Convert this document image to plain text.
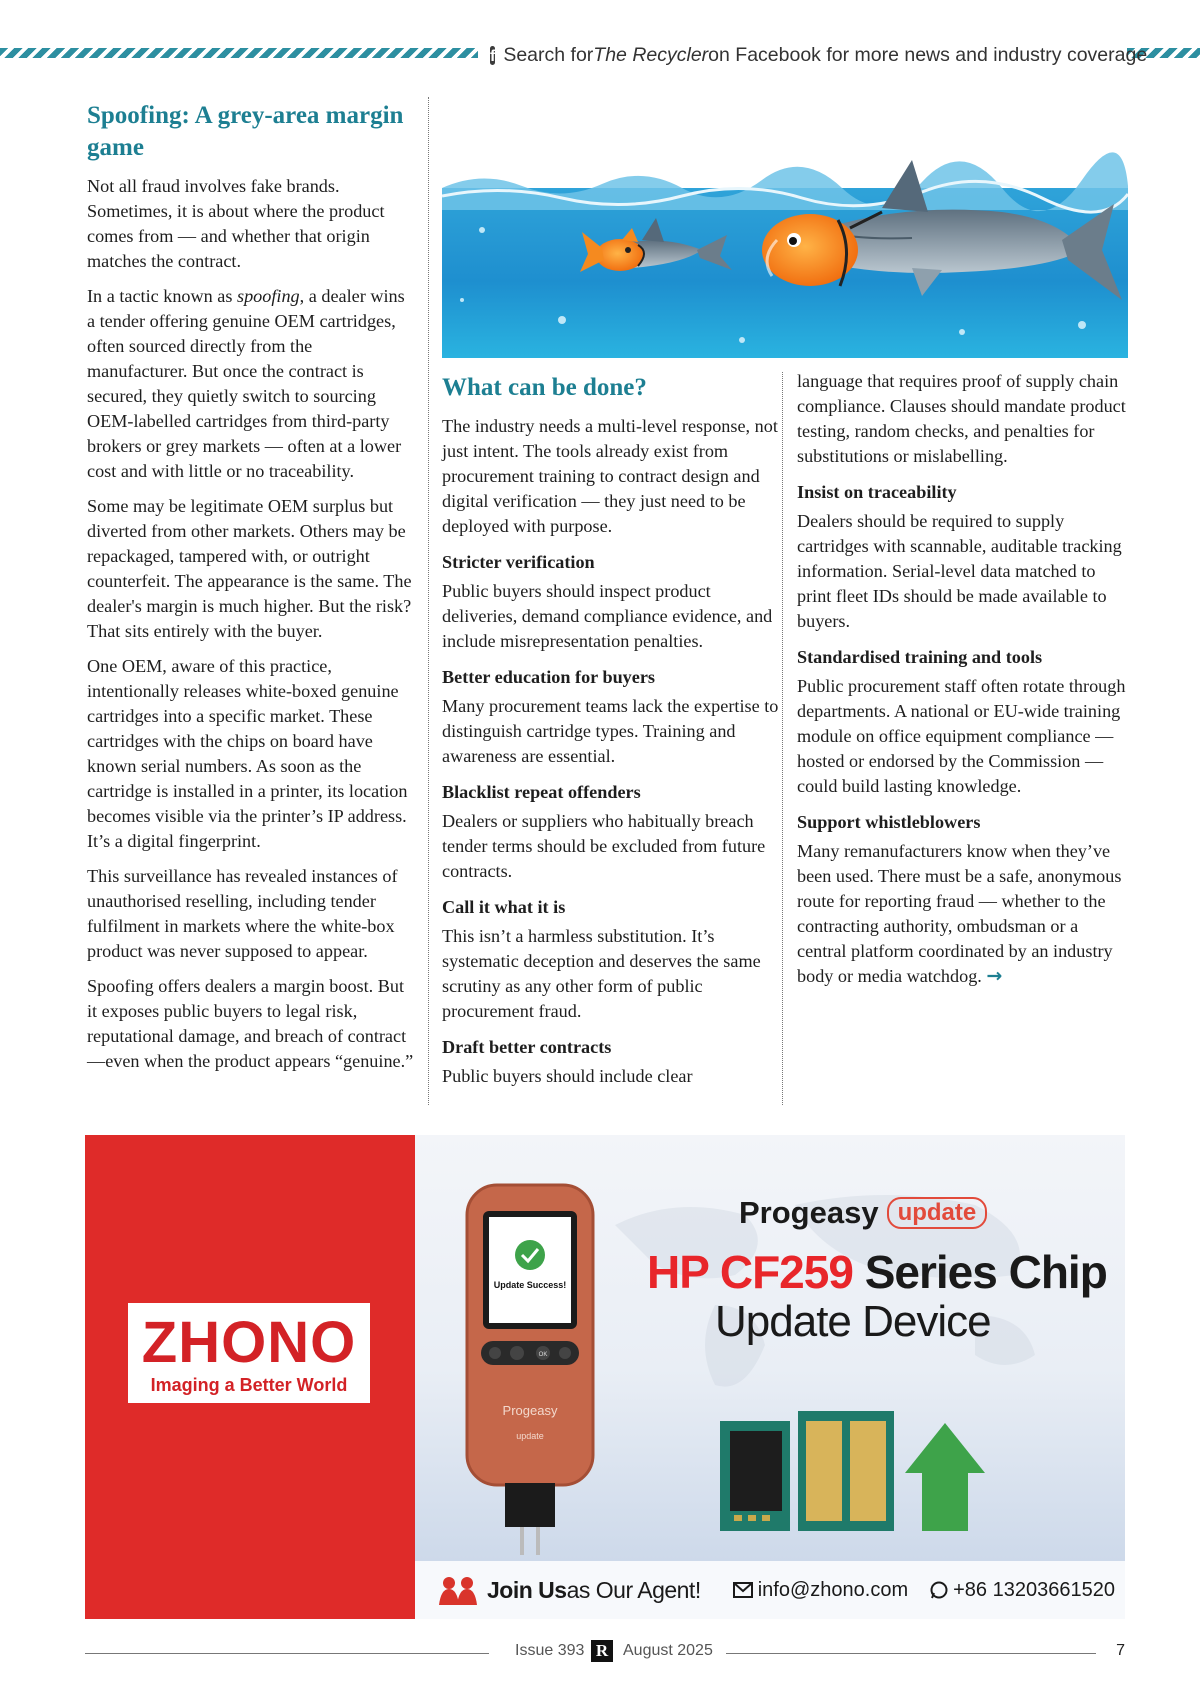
f Search for The Recycler on Facebook for more news and industry coverage
Spoofing: A grey-area margin game

Not all fraud involves fake brands. Sometimes, it is about where the product comes from — and whether that origin matches the contract.

In a tactic known as spoofing, a dealer wins a tender offering genuine OEM cartridges, often sourced directly from the manufacturer. But once the contract is secured, they quietly switch to sourcing OEM-labelled cartridges from third-party brokers or grey markets — often at a lower cost and with little or no traceability.

Some may be legitimate OEM surplus but diverted from other markets. Others may be repackaged, tampered with, or outright counterfeit. The appearance is the same. The dealer's margin is much higher. But the risk? That sits entirely with the buyer.

One OEM, aware of this practice, intentionally releases white-boxed genuine cartridges into a specific market. These cartridges with the chips on board have known serial numbers. As soon as the cartridge is installed in a printer, its location becomes visible via the printer’s IP address. It’s a digital fingerprint.

This surveillance has revealed instances of unauthorised reselling, including tender fulfilment in markets where the white-box product was never supposed to appear.

Spoofing offers dealers a margin boost. But it exposes public buyers to legal risk, reputational damage, and breach of contract—even when the product appears “genuine.”

What can be done?

The industry needs a multi-level response, not just intent. The tools already exist from procurement training to contract design and digital verification — they just need to be deployed with purpose.

Stricter verification

Public buyers should inspect product deliveries, demand compliance evidence, and include misrepresentation penalties.

Better education for buyers

Many procurement teams lack the expertise to distinguish cartridge types. Training and awareness are essential.

Blacklist repeat offenders

Dealers or suppliers who habitually breach tender terms should be excluded from future contracts.

Call it what it is

This isn’t a harmless substitution. It’s systematic deception and deserves the same scrutiny as any other form of public procurement fraud.

Draft better contracts

Public buyers should include clear

language that requires proof of supply chain compliance. Clauses should mandate product testing, random checks, and penalties for substitutions or mislabelling.

Insist on traceability

Dealers should be required to supply cartridges with scannable, auditable tracking information. Serial-level data matched to print fleet IDs should be made available to buyers.

Standardised training and tools

Public procurement staff often rotate through departments. A national or EU-wide training module on office equipment compliance — hosted or endorsed by the Commission — could build lasting knowledge.

Support whistleblowers

Many remanufacturers know when they’ve been used. There must be a safe, anonymous route for reporting fraud — whether to the contracting authority, ombudsman or a central platform coordinated by an industry body or media watchdog. →

ZHONO
Imaging a Better World
Update Success!
OK
Progeasy
update
Progeasy update
HP CF259 Series Chip
Update Device
Join Us as Our Agent!	info@zhono.com +86 13203661520
Issue 393 R August 2025	7
